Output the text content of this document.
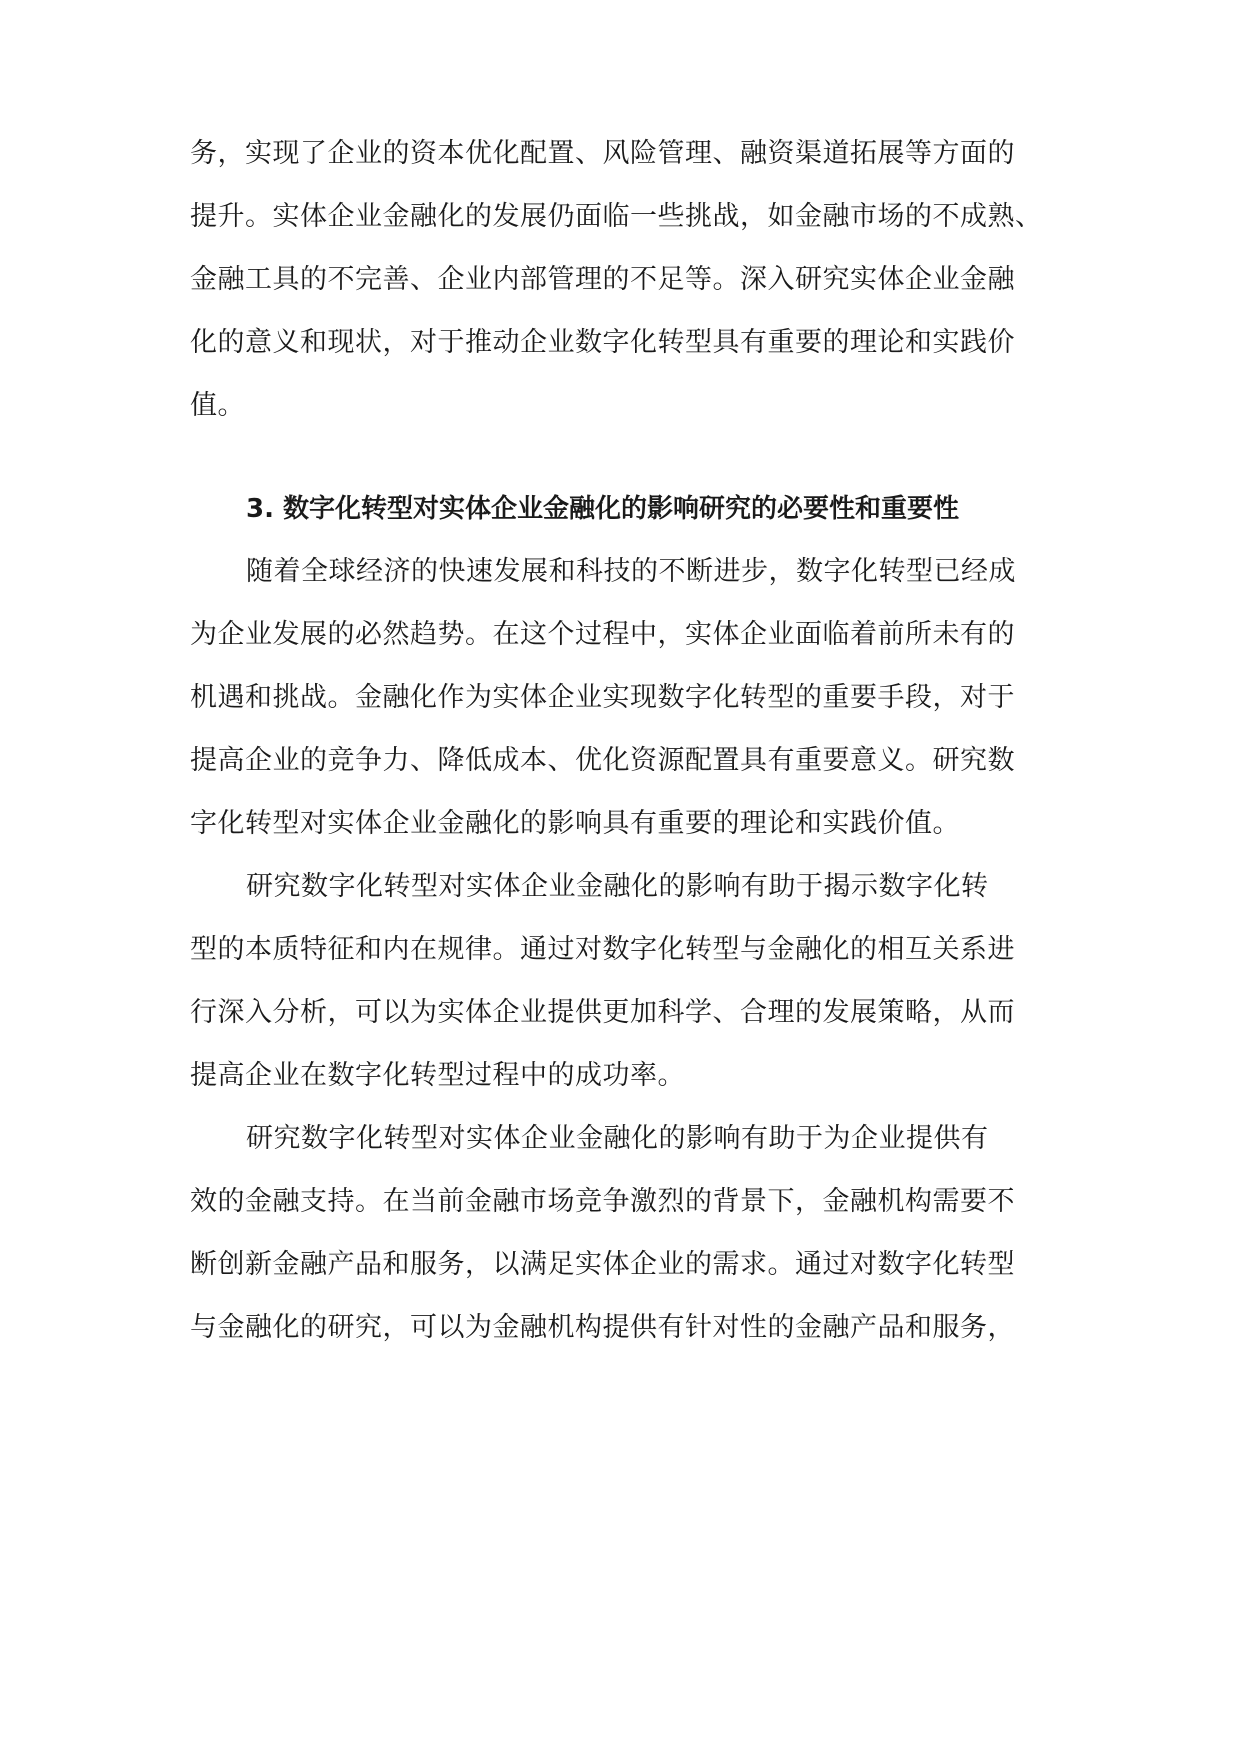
务，实现了企业的资本优化配置、风险管理、融资渠道拓展等方面的
提升。实体企业金融化的发展仍面临一些挑战，如金融市场的不成熟、
金融工具的不完善、企业内部管理的不足等。深入研究实体企业金融
化的意义和现状，对于推动企业数字化转型具有重要的理论和实践价
值。
3. 数字化转型对实体企业金融化的影响研究的必要性和重要性
随着全球经济的快速发展和科技的不断进步，数字化转型已经成
为企业发展的必然趋势。在这个过程中，实体企业面临着前所未有的
机遇和挑战。金融化作为实体企业实现数字化转型的重要手段，对于
提高企业的竞争力、降低成本、优化资源配置具有重要意义。研究数
字化转型对实体企业金融化的影响具有重要的理论和实践价值。
研究数字化转型对实体企业金融化的影响有助于揭示数字化转
型的本质特征和内在规律。通过对数字化转型与金融化的相互关系进
行深入分析，可以为实体企业提供更加科学、合理的发展策略，从而
提高企业在数字化转型过程中的成功率。
研究数字化转型对实体企业金融化的影响有助于为企业提供有
效的金融支持。在当前金融市场竞争激烈的背景下，金融机构需要不
断创新金融产品和服务，以满足实体企业的需求。通过对数字化转型
与金融化的研究，可以为金融机构提供有针对性的金融产品和服务，
